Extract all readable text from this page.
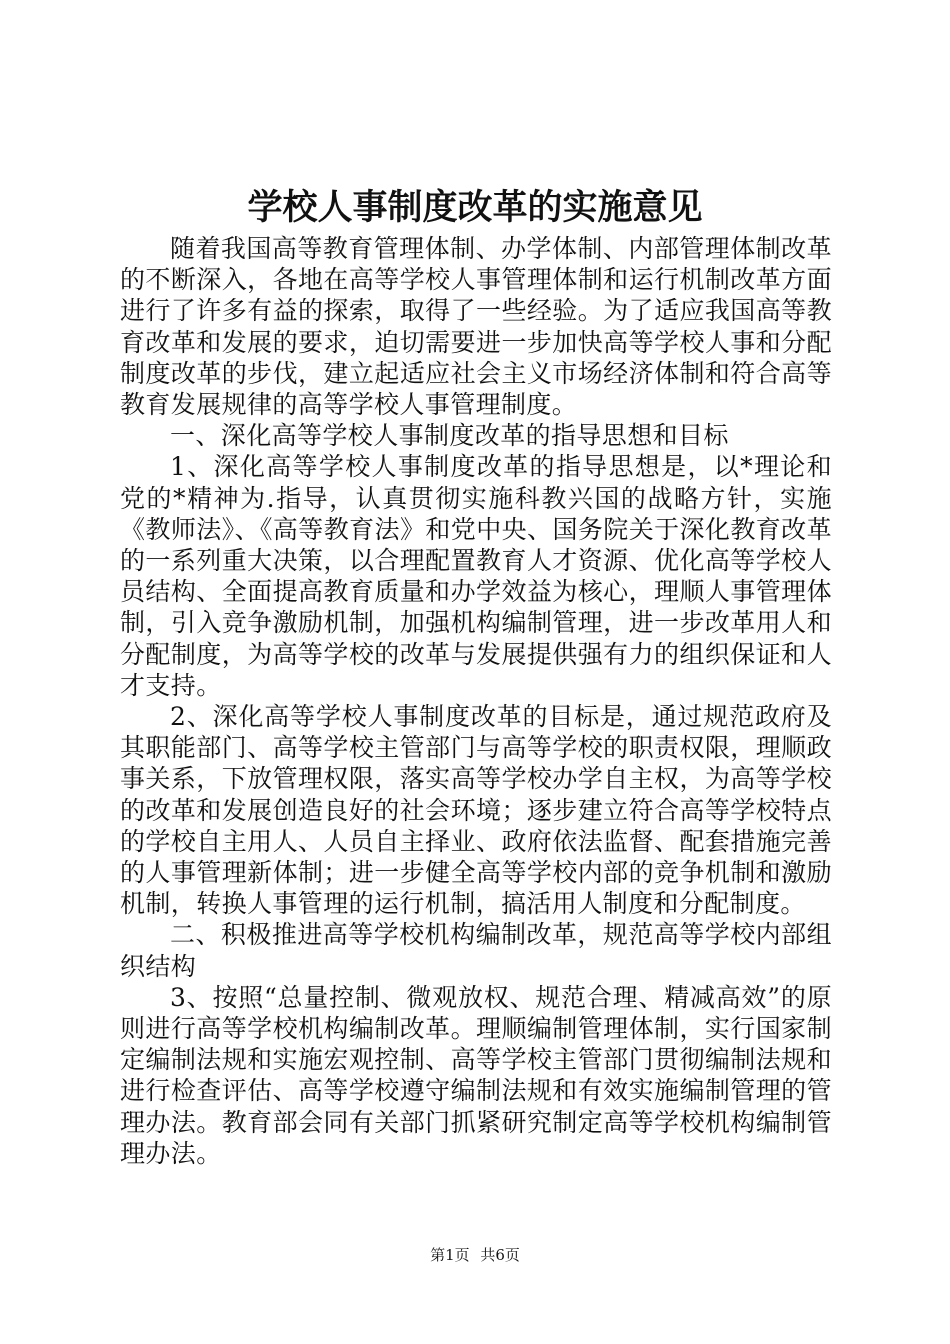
学校人事制度改革的实施意见

随着我国高等教育管理体制、办学体制、内部管理体制改革的不断深入，各地在高等学校人事管理体制和运行机制改革方面进行了许多有益的探索，取得了一些经验。为了适应我国高等教育改革和发展的要求，迫切需要进一步加快高等学校人事和分配制度改革的步伐，建立起适应社会主义市场经济体制和符合高等教育发展规律的高等学校人事管理制度。

一、深化高等学校人事制度改革的指导思想和目标

1、深化高等学校人事制度改革的指导思想是，以*理论和党的*精神为.指导，认真贯彻实施科教兴国的战略方针，实施《教师法》、《高等教育法》和党中央、国务院关于深化教育改革的一系列重大决策，以合理配置教育人才资源、优化高等学校人员结构、全面提高教育质量和办学效益为核心，理顺人事管理体制，引入竞争激励机制，加强机构编制管理，进一步改革用人和分配制度，为高等学校的改革与发展提供强有力的组织保证和人才支持。

2、深化高等学校人事制度改革的目标是，通过规范政府及其职能部门、高等学校主管部门与高等学校的职责权限，理顺政事关系，下放管理权限，落实高等学校办学自主权，为高等学校的改革和发展创造良好的社会环境；逐步建立符合高等学校特点的学校自主用人、人员自主择业、政府依法监督、配套措施完善的人事管理新体制；进一步健全高等学校内部的竞争机制和激励机制，转换人事管理的运行机制，搞活用人制度和分配制度。

二、积极推进高等学校机构编制改革，规范高等学校内部组织结构

3、按照“总量控制、微观放权、规范合理、精减高效”的原则进行高等学校机构编制改革。理顺编制管理体制，实行国家制定编制法规和实施宏观控制、高等学校主管部门贯彻编制法规和进行检查评估、高等学校遵守编制法规和有效实施编制管理的管理办法。教育部会同有关部门抓紧研究制定高等学校机构编制管理办法。

第1页 共6页
